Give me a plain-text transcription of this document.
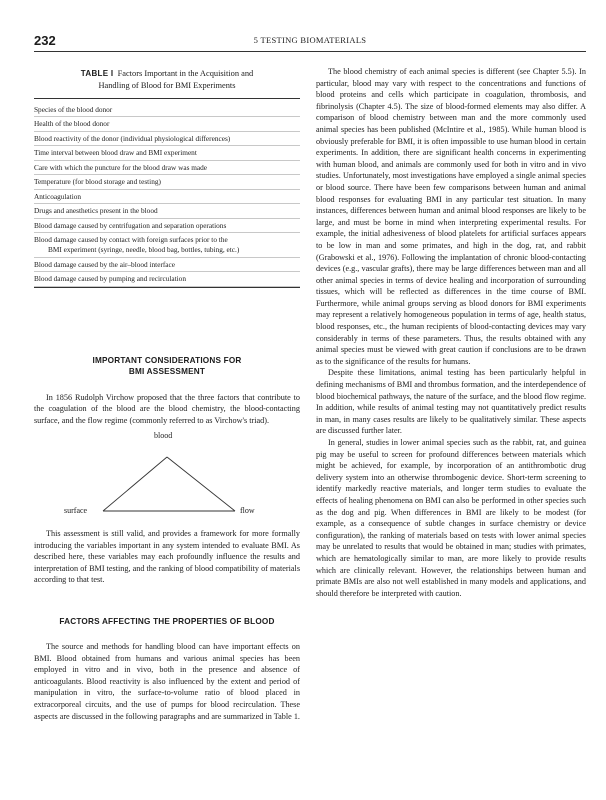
232	5 TESTING BIOMATERIALS
TABLE I Factors Important in the Acquisition and
Handling of Blood for BMI Experiments
Species of the blood donor
Health of the blood donor
Blood reactivity of the donor (individual physiological differences)
Time interval between blood draw and BMI experiment
Care with which the puncture for the blood draw was made
Temperature (for blood storage and testing)
Anticoagulation
Drugs and anesthetics present in the blood
Blood damage caused by centrifugation and separation operations
Blood damage caused by contact with foreign surfaces prior to the
BMI experiment (syringe, needle, blood bag, bottles, tubing, etc.)
Blood damage caused by the air–blood interface
Blood damage caused by pumping and recirculation
IMPORTANT CONSIDERATIONS FOR
BMI ASSESSMENT

In 1856 Rudolph Virchow proposed that the three factors that contribute to the coagulation of the blood are the blood chemistry, the blood-contacting surface, and the flow regime (commonly referred to as Virchow's triad).

blood
surface	flow

This assessment is still valid, and provides a framework for more formally introducing the variables important in any system intended to evaluate BMI. As described here, these variables may each profoundly influence the results and interpretation of BMI testing, and the ranking of blood compatibility of materials according to that test.

FACTORS AFFECTING THE PROPERTIES OF BLOOD

The source and methods for handling blood can have important effects on BMI. Blood obtained from humans and various animal species has been employed in vitro and in vivo, both in the presence and absence of anticoagulants. Blood reactivity is also influenced by the extent and period of manipulation in vitro, the surface-to-volume ratio of blood placed in extracorporeal circuits, and the use of pumps for blood recirculation. These aspects are discussed in the following paragraphs and are summarized in Table 1.

The blood chemistry of each animal species is different (see Chapter 5.5). In particular, blood may vary with respect to the concentrations and functions of blood proteins and cells which participate in coagulation, thrombosis, and fibrinolysis (Chapter 4.5). The size of blood-formed elements may also differ. A comparison of blood chemistry between man and the more commonly used animal species has been published (McIntire et al., 1985). While human blood is obviously preferable for BMI, it is often impossible to use human blood in certain experiments. In addition, there are significant health concerns in experimenting with human blood, and animals are commonly used for both in vitro and in vivo studies. Unfortunately, most investigations have employed a single animal species or blood source. There have been few comparisons between human and animal blood responses for evaluating BMI in any particular test situation. In many instances, differences between human and animal blood responses are likely to be large, and must be borne in mind when interpreting experimental results. For example, the initial adhesiveness of blood platelets for artificial surfaces appears to be low in man and some primates, and high in the dog, rat, and rabbit (Grabowski et al., 1976). Following the implantation of chronic blood-contacting devices (e.g., vascular grafts), there may be large differences between man and all other animal species in terms of device healing and incorporation of surrounding tissues, which will be reflected as differences in the time course of BMI. Furthermore, while animal groups serving as blood donors for BMI experiments may represent a relatively homogeneous population in terms of age, health status, blood responses, etc., the human recipients of blood-contacting devices may vary considerably in terms of these parameters. Thus, the results obtained with any animal species must be viewed with great caution if conclusions are to be drawn as to the significance of the results for humans.

Despite these limitations, animal testing has been particularly helpful in defining mechanisms of BMI and thrombus formation, and the interdependence of blood biochemical pathways, the nature of the surface, and the blood flow regime. In addition, while results of animal testing may not quantitatively predict results in man, in many cases results are likely to be qualitatively similar. These aspects are discussed further later.

In general, studies in lower animal species such as the rabbit, rat, and guinea pig may be useful to screen for profound differences between materials which might be achieved, for example, by incorporation of an antithrombotic drug delivery system into an otherwise thrombogenic device. Short-term screening to identify markedly reactive materials, and longer term studies to evaluate the effects of healing phenomena on BMI can also be performed in other species such as the dog and pig. When differences in BMI are likely to be modest (for example, as a consequence of subtle changes in surface chemistry or device configuration), the ranking of materials based on tests with lower animal species may be unrelated to results that would be obtained in man; studies with primates, which are hematologically similar to man, are more likely to provide results which are clinically relevant. However, the relationships between human and primate BMIs are also not well established in many models and applications, and should therefore be interpreted with caution.
